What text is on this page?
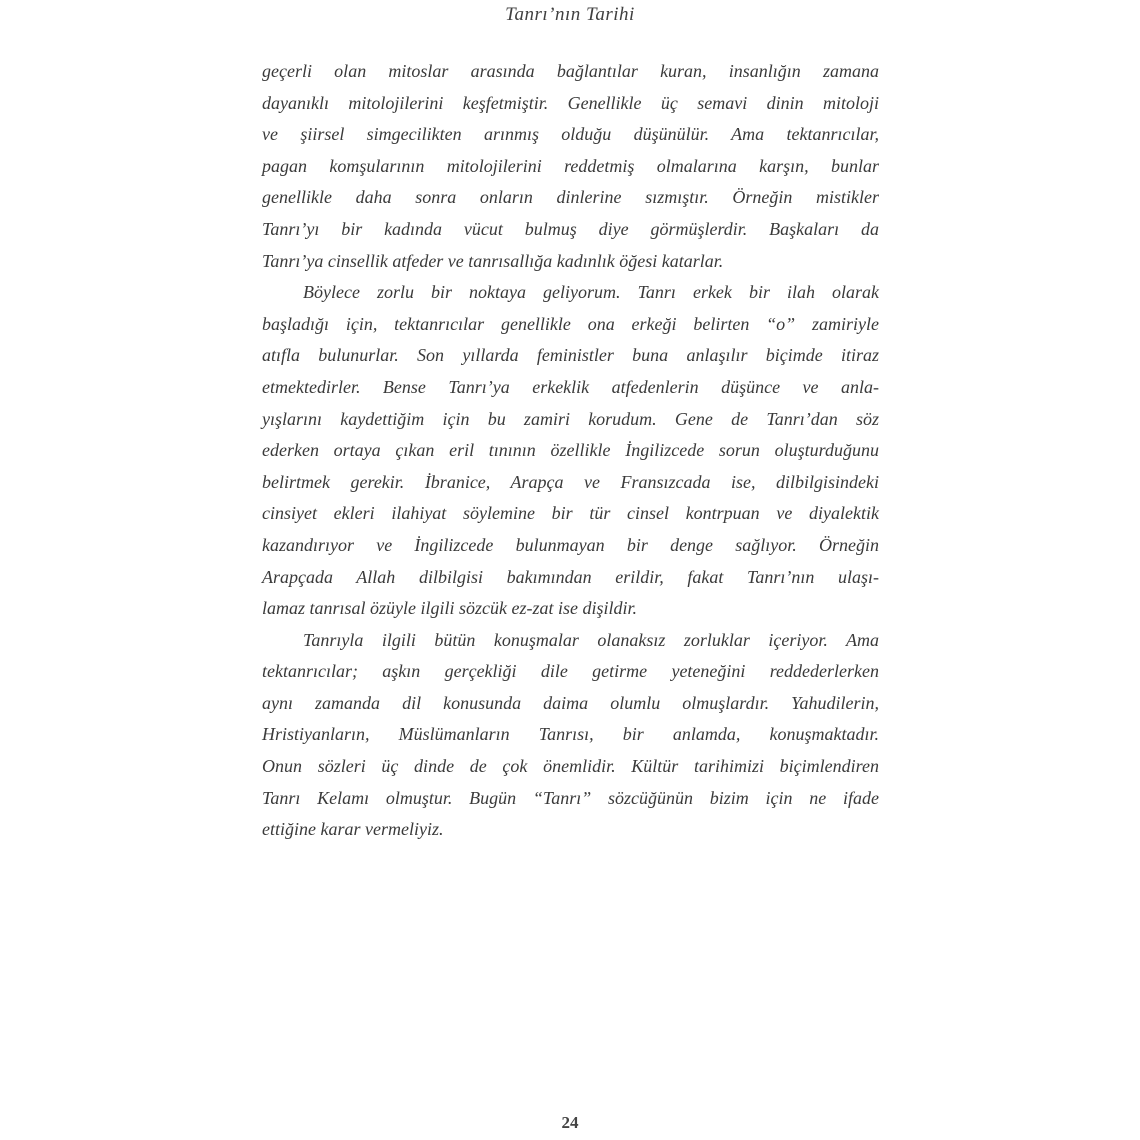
Tanrı’nın Tarihi
geçerli olan mitoslar arasında bağlantılar kuran, insanlığın zamana
dayanıklı mitolojilerini keşfetmiştir. Genellikle üç semavi dinin mitoloji
ve şiirsel simgecilikten arınmış olduğu düşünülür. Ama tektanrıcılar,
pagan komşularının mitolojilerini reddetmiş olmalarına karşın, bunlar
genellikle daha sonra onların dinlerine sızmıştır. Örneğin mistikler
Tanrı’yı bir kadında vücut bulmuş diye görmüşlerdir. Başkaları da
Tanrı’ya cinsellik atfeder ve tanrısallığa kadınlık öğesi katarlar.
Böylece zorlu bir noktaya geliyorum. Tanrı erkek bir ilah olarak
başladığı için, tektanrıcılar genellikle ona erkeği belirten “o” zamiriyle
atıfla bulunurlar. Son yıllarda feministler buna anlaşılır biçimde itiraz
etmektedirler. Bense Tanrı’ya erkeklik atfedenlerin düşünce ve anla-
yışlarını kaydettiğim için bu zamiri korudum. Gene de Tanrı’dan söz
ederken ortaya çıkan eril tınının özellikle İngilizcede sorun oluşturduğunu
belirtmek gerekir. İbranice, Arapça ve Fransızcada ise, dilbilgisindeki
cinsiyet ekleri ilahiyat söylemine bir tür cinsel kontrpuan ve diyalektik
kazandırıyor ve İngilizcede bulunmayan bir denge sağlıyor. Örneğin
Arapçada Allah dilbilgisi bakımından erildir, fakat Tanrı’nın ulaşı-
lamaz tanrısal özüyle ilgili sözcük ez-zat ise dişildir.
Tanrıyla ilgili bütün konuşmalar olanaksız zorluklar içeriyor. Ama
tektanrıcılar; aşkın gerçekliği dile getirme yeteneğini reddederlerken
aynı zamanda dil konusunda daima olumlu olmuşlardır. Yahudilerin,
Hristiyanların, Müslümanların Tanrısı, bir anlamda, konuşmaktadır.
Onun sözleri üç dinde de çok önemlidir. Kültür tarihimizi biçimlendiren
Tanrı Kelamı olmuştur. Bugün “Tanrı” sözcüğünün bizim için ne ifade
ettiğine karar vermeliyiz.
24
